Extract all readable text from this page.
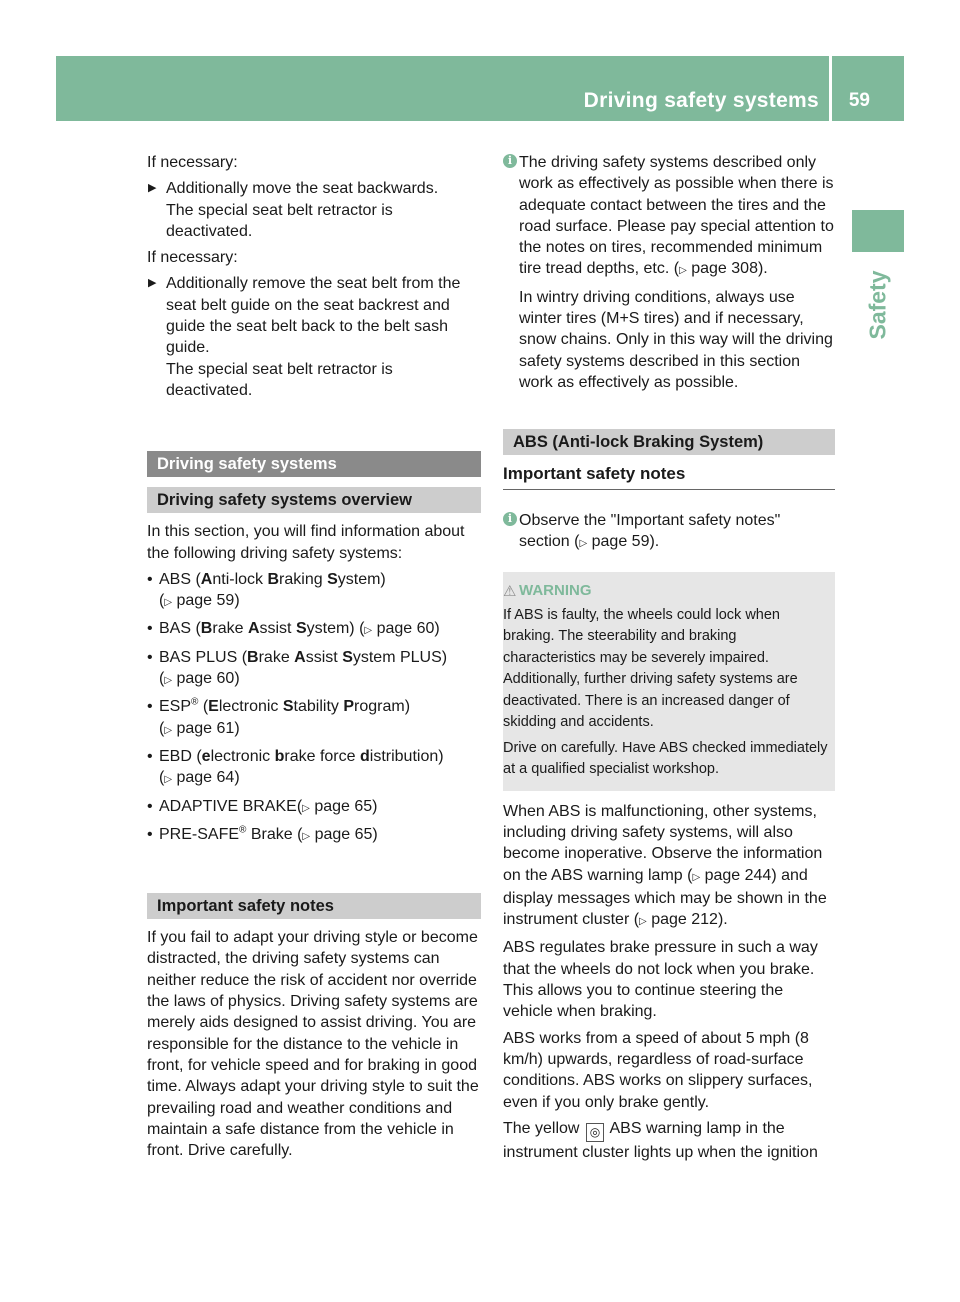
Driving safety systems 59
Safety

If necessary:

▶ Additionally move the seat backwards.
The special seat belt retractor is deactivated.

If necessary:

▶ Additionally remove the seat belt from the seat belt guide on the seat backrest and guide the seat belt back to the belt sash guide.
The special seat belt retractor is deactivated.
Driving safety systems
Driving safety systems overview

In this section, you will find information about the following driving safety systems:

• ABS (Anti-lock Braking System)
(▷ page 59)
• BAS (Brake Assist System) (▷ page 60)
• BAS PLUS (Brake Assist System PLUS)
(▷ page 60)
• ESP® (Electronic Stability Program)
(▷ page 61)
• EBD (electronic brake force distribution)
(▷ page 64)
• ADAPTIVE BRAKE(▷ page 65)
• PRE-SAFE® Brake (▷ page 65)
Important safety notes

If you fail to adapt your driving style or become distracted, the driving safety systems can neither reduce the risk of accident nor override the laws of physics. Driving safety systems are merely aids designed to assist driving. You are responsible for the distance to the vehicle in front, for vehicle speed and for braking in good time. Always adapt your driving style to suit the prevailing road and weather conditions and maintain a safe distance from the vehicle in front. Drive carefully.

i The driving safety systems described only work as effectively as possible when there is adequate contact between the tires and the road surface. Please pay special attention to the notes on tires, recommended minimum tire tread depths, etc. (▷ page 308).

In wintry driving conditions, always use winter tires (M+S tires) and if necessary, snow chains. Only in this way will the driving safety systems described in this section work as effectively as possible.

ABS (Anti-lock Braking System)
Important safety notes
i Observe the "Important safety notes" section (▷ page 59).

⚠ WARNING

If ABS is faulty, the wheels could lock when braking. The steerability and braking characteristics may be severely impaired. Additionally, further driving safety systems are deactivated. There is an increased danger of skidding and accidents.

Drive on carefully. Have ABS checked immediately at a qualified specialist workshop.

When ABS is malfunctioning, other systems, including driving safety systems, will also become inoperative. Observe the information on the ABS warning lamp (▷ page 244) and display messages which may be shown in the instrument cluster (▷ page 212).

ABS regulates brake pressure in such a way that the wheels do not lock when you brake. This allows you to continue steering the vehicle when braking.

ABS works from a speed of about 5 mph (8 km/h) upwards, regardless of road-surface conditions. ABS works on slippery surfaces, even if you only brake gently.

The yellow ◎ ABS warning lamp in the instrument cluster lights up when the ignition
